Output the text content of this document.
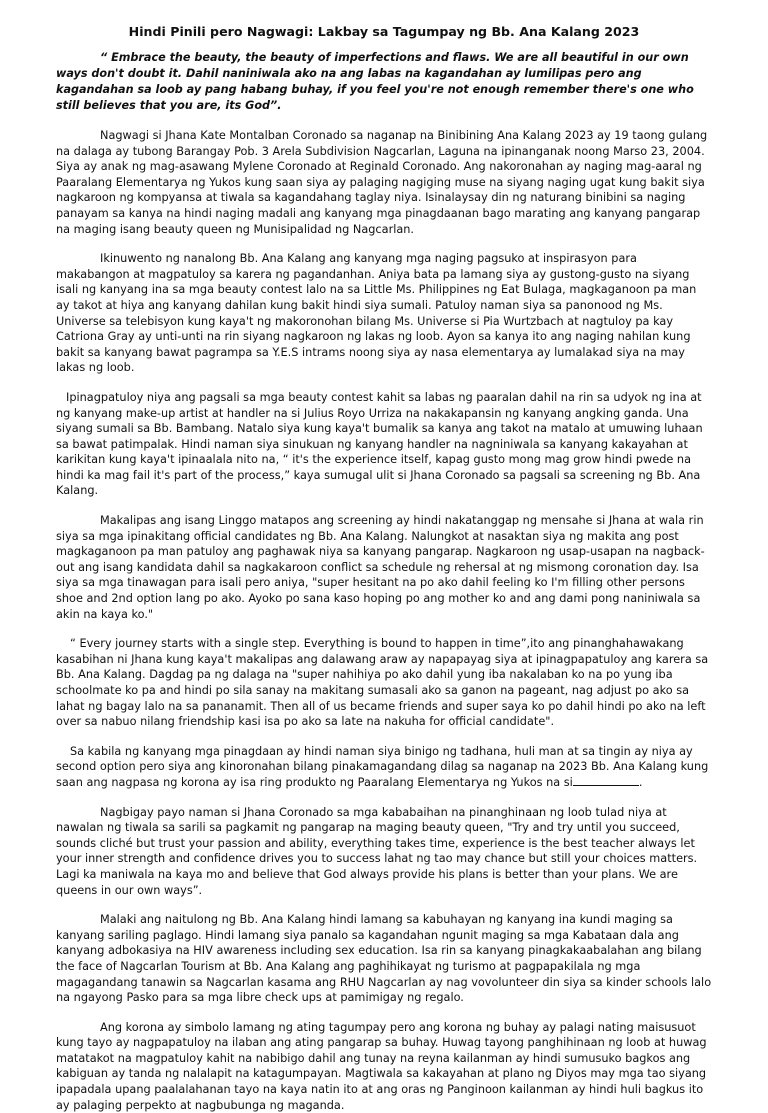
Hindi Pinili pero Nagwagi: Lakbay sa Tagumpay ng Bb. Ana Kalang 2023
“ Embrace the beauty, the beauty of imperfections and flaws. We are all beautiful in our own ways don't doubt it. Dahil naniniwala ako na ang labas na kagandahan ay lumilipas pero ang kagandahan sa loob ay pang habang buhay, if you feel you're not enough remember there's one who still believes that you are, its God”.

Nagwagi si Jhana Kate Montalban Coronado sa naganap na Binibining Ana Kalang 2023 ay 19 taong gulang na dalaga ay tubong Barangay Pob. 3 Arela Subdivision Nagcarlan, Laguna na ipinanganak noong Marso 23, 2004. Siya ay anak ng mag-asawang Mylene Coronado at Reginald Coronado. Ang nakoronahan ay naging mag-aaral ng Paaralang Elementarya ng Yukos kung saan siya ay palaging nagiging muse na siyang naging ugat kung bakit siya nagkaroon ng kompyansa at tiwala sa kagandahang taglay niya. Isinalaysay din ng naturang binibini sa naging panayam sa kanya na hindi naging madali ang kanyang mga pinagdaanan bago marating ang kanyang pangarap na maging isang beauty queen ng Munisipalidad ng Nagcarlan.

Ikinuwento ng nanalong Bb. Ana Kalang ang kanyang mga naging pagsuko at inspirasyon para makabangon at magpatuloy sa karera ng pagandanhan. Aniya bata pa lamang siya ay gustong-gusto na siyang isali ng kanyang ina sa mga beauty contest lalo na sa Little Ms. Philippines ng Eat Bulaga, magkaganoon pa man ay takot at hiya ang kanyang dahilan kung bakit hindi siya sumali. Patuloy naman siya sa panonood ng Ms. Universe sa telebisyon kung kaya't ng makoronohan bilang Ms. Universe si Pia Wurtzbach at nagtuloy pa kay Catriona Gray ay unti-unti na rin siyang nagkaroon ng lakas ng loob. Ayon sa kanya ito ang naging nahilan kung bakit sa kanyang bawat pagrampa sa Y.E.S intrams noong siya ay nasa elementarya ay lumalakad siya na may lakas ng loob.

Ipinagpatuloy niya ang pagsali sa mga beauty contest kahit sa labas ng paaralan dahil na rin sa udyok ng ina at ng kanyang make-up artist at handler na si Julius Royo Urriza na nakakapansin ng kanyang angking ganda. Una siyang sumali sa Bb. Bambang. Natalo siya kung kaya't bumalik sa kanya ang takot na matalo at umuwing luhaan sa bawat patimpalak. Hindi naman siya sinukuan ng kanyang handler na nagniniwala sa kanyang kakayahan at karikitan kung kaya't ipinaalala nito na, “ it's the experience itself, kapag gusto mong mag grow hindi pwede na hindi ka mag fail it's part of the process,” kaya sumugal ulit si Jhana Coronado sa pagsali sa screening ng Bb. Ana Kalang.

Makalipas ang isang Linggo matapos ang screening ay hindi nakatanggap ng mensahe si Jhana at wala rin siya sa mga ipinakitang official candidates ng Bb. Ana Kalang. Nalungkot at nasaktan siya ng makita ang post magkaganoon pa man patuloy ang paghawak niya sa kanyang pangarap. Nagkaroon ng usap-usapan na nagback-out ang isang kandidata dahil sa nagkakaroon conflict sa schedule ng rehersal at ng mismong coronation day. Isa siya sa mga tinawagan para isali pero aniya, "super hesitant na po ako dahil feeling ko I'm filling other persons shoe and 2nd option lang po ako. Ayoko po sana kaso hoping po ang mother ko and ang dami pong naniniwala sa akin na kaya ko."

“ Every journey starts with a single step. Everything is bound to happen in time”,ito ang pinanghahawakang kasabihan ni Jhana kung kaya't makalipas ang dalawang araw ay napapayag siya at ipinagpapatuloy ang karera sa Bb. Ana Kalang. Dagdag pa ng dalaga na "super nahihiya po ako dahil yung iba nakalaban ko na po yung iba schoolmate ko pa and hindi po sila sanay na makitang sumasali ako sa ganon na pageant, nag adjust po ako sa lahat ng bagay lalo na sa pananamit. Then all of us became friends and super saya ko po dahil hindi po ako na left over sa nabuo nilang friendship kasi isa po ako sa late na nakuha for official candidate".

Sa kabila ng kanyang mga pinagdaan ay hindi naman siya binigo ng tadhana, huli man at sa tingin ay niya ay second option pero siya ang kinoronahan bilang pinakamagandang dilag sa naganap na 2023 Bb. Ana Kalang kung saan ang nagpasa ng korona ay isa ring produkto ng Paaralang Elementarya ng Yukos na si	.

Nagbigay payo naman si Jhana Coronado sa mga kababaihan na pinanghinaan ng loob tulad niya at nawalan ng tiwala sa sarili sa pagkamit ng pangarap na maging beauty queen, "Try and try until you succeed, sounds cliché but trust your passion and ability, everything takes time, experience is the best teacher always let your inner strength and confidence drives you to success lahat ng tao may chance but still your choices matters. Lagi ka maniwala na kaya mo and believe that God always provide his plans is better than your plans. We are queens in our own ways”.

Malaki ang naitulong ng Bb. Ana Kalang hindi lamang sa kabuhayan ng kanyang ina kundi maging sa kanyang sariling paglago. Hindi lamang siya panalo sa kagandahan ngunit maging sa mga Kabataan dala ang kanyang adbokasiya na HIV awareness including sex education. Isa rin sa kanyang pinagkakaabalahan ang bilang the face of Nagcarlan Tourism at Bb. Ana Kalang ang paghihikayat ng turismo at pagpapakilala ng mga magagandang tanawin sa Nagcarlan kasama ang RHU Nagcarlan ay nag vovolunteer din siya sa kinder schools lalo na ngayong Pasko para sa mga libre check ups at pamimigay ng regalo.

Ang korona ay simbolo lamang ng ating tagumpay pero ang korona ng buhay ay palagi nating maisusuot kung tayo ay nagpapatuloy na ilaban ang ating pangarap sa buhay. Huwag tayong panghihinaan ng loob at huwag matatakot na magpatuloy kahit na nabibigo dahil ang tunay na reyna kailanman ay hindi sumusuko bagkos ang kabiguan ay tanda ng nalalapit na katagumpayan. Magtiwala sa kakayahan at plano ng Diyos may mga tao siyang ipapadala upang paalalahanan tayo na kaya natin ito at ang oras ng Panginoon kailanman ay hindi huli bagkus ito ay palaging perpekto at nagbubunga ng maganda.
